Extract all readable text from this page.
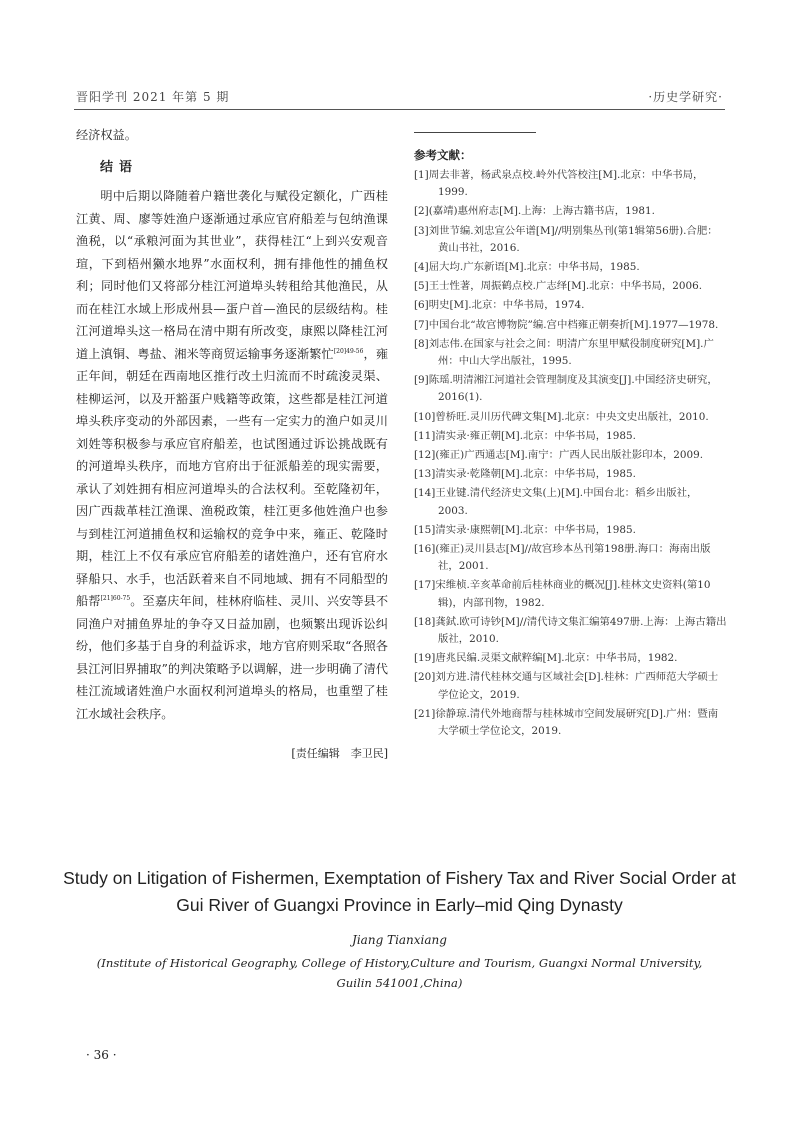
晋阳学刊 2021 年第 5 期	·历史学研究·

经济权益。

结语

明中后期以降随着户籍世袭化与赋役定额化，广西桂江黄、周、廖等姓渔户逐渐通过承应官府船差与包纳渔课渔税，以“承粮河面为其世业”，获得桂江“上到兴安观音瑄，下到梧州獭水地界”水面权利，拥有排他性的捕鱼权利；同时他们又将部分桂江河道埠头转租给其他渔民，从而在桂江水域上形成州县—蛋户首—渔民的层级结构。桂江河道埠头这一格局在清中期有所改变，康熙以降桂江河道上滇铜、粤盐、湘米等商贸运输事务逐渐繁忙$^{[20]49-56}$，雍正年间，朝廷在西南地区推行改土归流而不时疏浚灵渠、桂柳运河，以及开豁蛋户贱籍等政策，这些都是桂江河道埠头秩序变动的外部因素，一些有一定实力的渔户如灵川刘姓等积极参与承应官府船差，也试图通过诉讼挑战既有的河道埠头秩序，而地方官府出于征派船差的现实需要，承认了刘姓拥有相应河道埠头的合法权利。至乾隆初年，因广西裁革桂江渔课、渔税政策，桂江更多他姓渔户也参与到桂江河道捕鱼权和运输权的竞争中来，雍正、乾隆时期，桂江上不仅有承应官府船差的诸姓渔户，还有官府水驿船只、水手，也活跃着来自不同地域、拥有不同船型的船帮$^{[21]60-75}$。至嘉庆年间，桂林府临桂、灵川、兴安等县不同渔户对捕鱼界址的争夺又日益加剧，也频繁出现诉讼纠纷，他们多基于自身的利益诉求，地方官府则采取“各照各县江河旧界捕取”的判决策略予以调解，进一步明确了清代桂江流域诸姓渔户水面权利河道埠头的格局，也重塑了桂江水域社会秩序。

[责任编辑　李卫民]
参考文献：
[1]周去非著，杨武泉点校.岭外代答校注[M].北京：中华书局，1999.
[2](嘉靖)惠州府志[M].上海：上海古籍书店，1981.
[3]刘世节编.刘忠宣公年谱[M]//明别集丛刊(第1辑第56册).合肥：黄山书社，2016.
[4]屈大均.广东新语[M].北京：中华书局，1985.
[5]王士性著，周振鹤点校.广志绎[M].北京：中华书局，2006.
[6]明史[M].北京：中华书局，1974.
[7]中国台北“故宫博物院”编.宫中档雍正朝奏折[M].1977—1978.
[8]刘志伟.在国家与社会之间：明清广东里甲赋役制度研究[M].广州：中山大学出版社，1995.
[9]陈瑶.明清湘江河道社会管理制度及其演变[J].中国经济史研究，2016(1).
[10]曾桥旺.灵川历代碑文集[M].北京：中央文史出版社，2010.
[11]清实录·雍正朝[M].北京：中华书局，1985.
[12](雍正)广西通志[M].南宁：广西人民出版社影印本，2009.
[13]清实录·乾隆朝[M].北京：中华书局，1985.
[14]王业键.清代经济史文集(上)[M].中国台北：稻乡出版社，2003.
[15]清实录·康熙朝[M].北京：中华书局，1985.
[16](雍正)灵川县志[M]//故宫珍本丛刊第198册.海口：海南出版社，2001.
[17]宋维桢.辛亥革命前后桂林商业的概况[J].桂林文史资料(第10辑)，内部刊物，1982.
[18]龚鉽.欧可诗钞[M]//清代诗文集汇编第497册.上海：上海古籍出版社，2010.
[19]唐兆民编.灵渠文献粹编[M].北京：中华书局，1982.
[20]刘方进.清代桂林交通与区域社会[D].桂林：广西师范大学硕士学位论文，2019.
[21]徐静琼.清代外地商帮与桂林城市空间发展研究[D].广州：暨南大学硕士学位论文，2019.

Study on Litigation of Fishermen, Exemptation of Fishery Tax and River Social Order at

Gui River of Guangxi Province in Early–mid Qing Dynasty

Jiang Tianxiang

(Institute of Historical Geography, College of History,Culture and Tourism, Guangxi Normal University,

Guilin 541001,China)

· 36 ·
